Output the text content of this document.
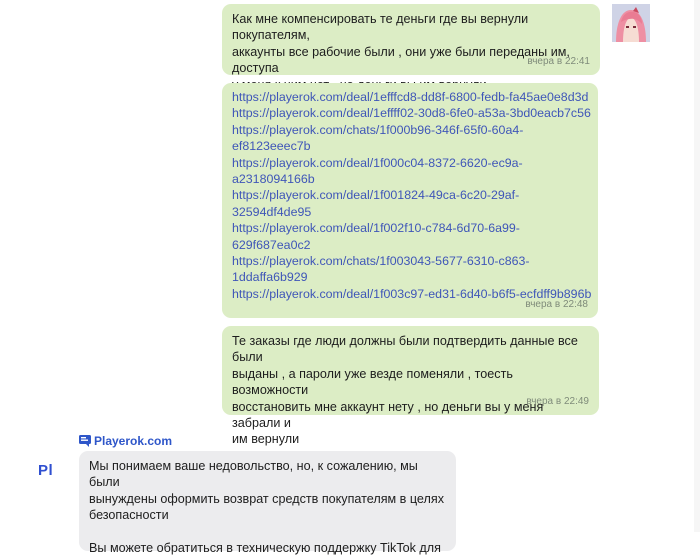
Как мне компенсировать те деньги где вы вернули покупателям,
аккаунты все рабочие были , они уже были переданы им, доступа

вчера в 22:41
https://playerok.com/deal/1efffcd8-dd8f-6800-fedb-fa45ae0e8d3d
https://playerok.com/deal/1effff02-30d8-6fe0-a53a-3bd0eacb7c56
https://playerok.com/chats/1f000b96-346f-65f0-60a4-
ef8123eeec7b
https://playerok.com/deal/1f000c04-8372-6620-ec9a-
a2318094166b
https://playerok.com/deal/1f001824-49ca-6c20-29af-
32594df4de95
https://playerok.com/deal/1f002f10-c784-6d70-6a99-
629f687ea0c2
https://playerok.com/chats/1f003043-5677-6310-c863-
1ddaffa6b929
https://playerok.com/deal/1f003c97-ed31-6d40-b6f5-ecfdff9b896b
вчера в 22:48
Те заказы где люди должны были подтвердить данные все были
выданы , а пароли уже везде поменяли , тоесть возможности
восстановить мне аккаунт нету , но деньги вы у меня забрали и
им вернули
вчера в 22:49
Playerok.com
Pl	Мы понимаем ваше недовольство, но, к сожалению, мы были
вынуждены оформить возврат средств покупателям в целях
безопасности

Вы можете обратиться в техническую поддержку TikTok для
